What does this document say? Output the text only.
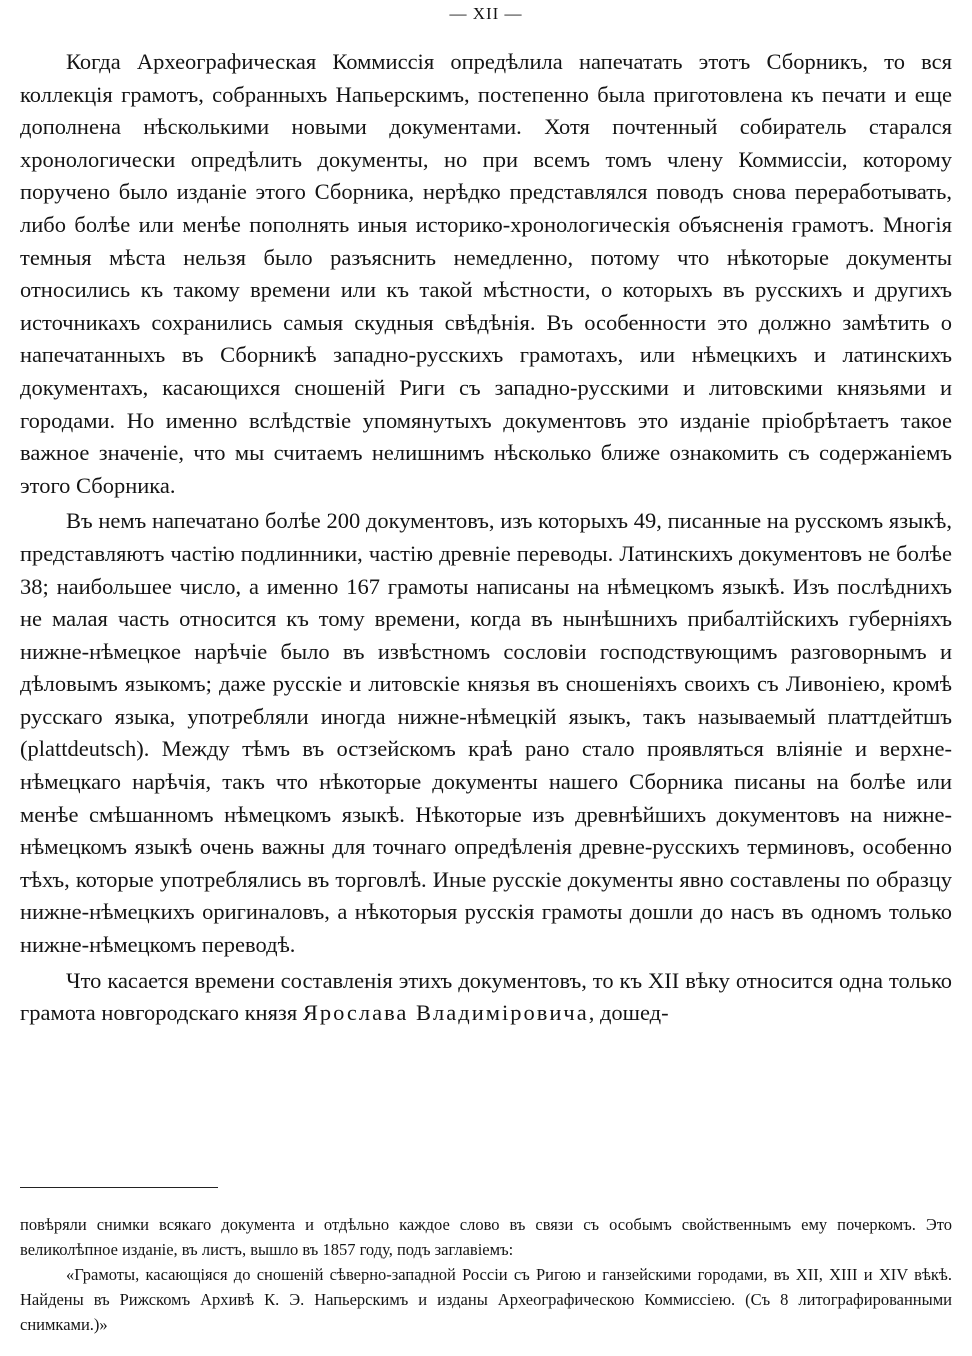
— XII —

Когда Археографическая Коммиссія опредѣлила напечатать этотъ Сборникъ, то вся коллекція грамотъ, собранныхъ Напьерскимъ, постепенно была приготовлена къ печати и еще дополнена нѣсколькими новыми документами. Хотя почтенный собиратель старался хронологически опредѣлить документы, но при всемъ томъ члену Коммиссіи, которому поручено было изданіе этого Сборника, нерѣдко представлялся поводъ снова переработывать, либо болѣе или менѣе пополнять иныя историко-хронологическія объясненія грамотъ. Многія темныя мѣста нельзя было разъяснить немедленно, потому что нѣкоторые документы относились къ такому времени или къ такой мѣстности, о которыхъ въ русскихъ и другихъ источникахъ сохранились самыя скудныя свѣдѣнія. Въ особенности это должно замѣтить о напечатанныхъ въ Сборникѣ западно-русскихъ грамотахъ, или нѣмецкихъ и латинскихъ документахъ, касающихся сношеній Риги съ западно-русскими и литовскими князьями и городами. Но именно вслѣдствіе упомянутыхъ документовъ это изданіе пріобрѣтаетъ такое важное значеніе, что мы считаемъ нелишнимъ нѣсколько ближе ознакомить съ содержаніемъ этого Сборника.

Въ немъ напечатано болѣе 200 документовъ, изъ которыхъ 49, писанные на русскомъ языкѣ, представляютъ частію подлинники, частію древніе переводы. Латинскихъ документовъ не болѣе 38; наибольшее число, а именно 167 грамоты написаны на нѣмецкомъ языкѣ. Изъ послѣднихъ не малая часть относится къ тому времени, когда въ нынѣшнихъ прибалтійскихъ губерніяхъ нижне-нѣмецкое нарѣчіе было въ извѣстномъ сословіи господствующимъ разговорнымъ и дѣловымъ языкомъ; даже русскіе и литовскіе князья въ сношеніяхъ своихъ съ Ливоніею, кромѣ русскаго языка, употребляли иногда нижне-нѣмецкій языкъ, такъ называемый платтдейтшъ (plattdeutsch). Между тѣмъ въ остзейскомъ краѣ рано стало проявляться вліяніе и верхне-нѣмецкаго нарѣчія, такъ что нѣкоторые документы нашего Сборника писаны на болѣе или менѣе смѣшанномъ нѣмецкомъ языкѣ. Нѣкоторые изъ древнѣйшихъ документовъ на нижне-нѣмецкомъ языкѣ очень важны для точнаго опредѣленія древне-русскихъ терминовъ, особенно тѣхъ, которые употреблялись въ торговлѣ. Иные русскіе документы явно составлены по образцу нижне-нѣмецкихъ оригиналовъ, а нѣкоторыя русскія грамоты дошли до насъ въ одномъ только нижне-нѣмецкомъ переводѣ.

Что касается времени составленія этихъ документовъ, то къ XII вѣку относится одна только грамота новгородскаго князя Ярослава Владиміровича, дошед-

повѣряли снимки всякаго документа и отдѣльно каждое слово въ связи съ особымъ свойственнымъ ему почеркомъ. Это великолѣпное изданіе, въ листъ, вышло въ 1857 году, подъ заглавіемъ:

«Грамоты, касающіяся до сношеній сѣверно-западной Россіи съ Ригою и ганзейскими городами, въ XII, XIII и XIV вѣкѣ. Найдены въ Рижскомъ Архивѣ К. Э. Напьерскимъ и изданы Археографическою Коммиссіею. (Съ 8 литографированными снимками.)»
